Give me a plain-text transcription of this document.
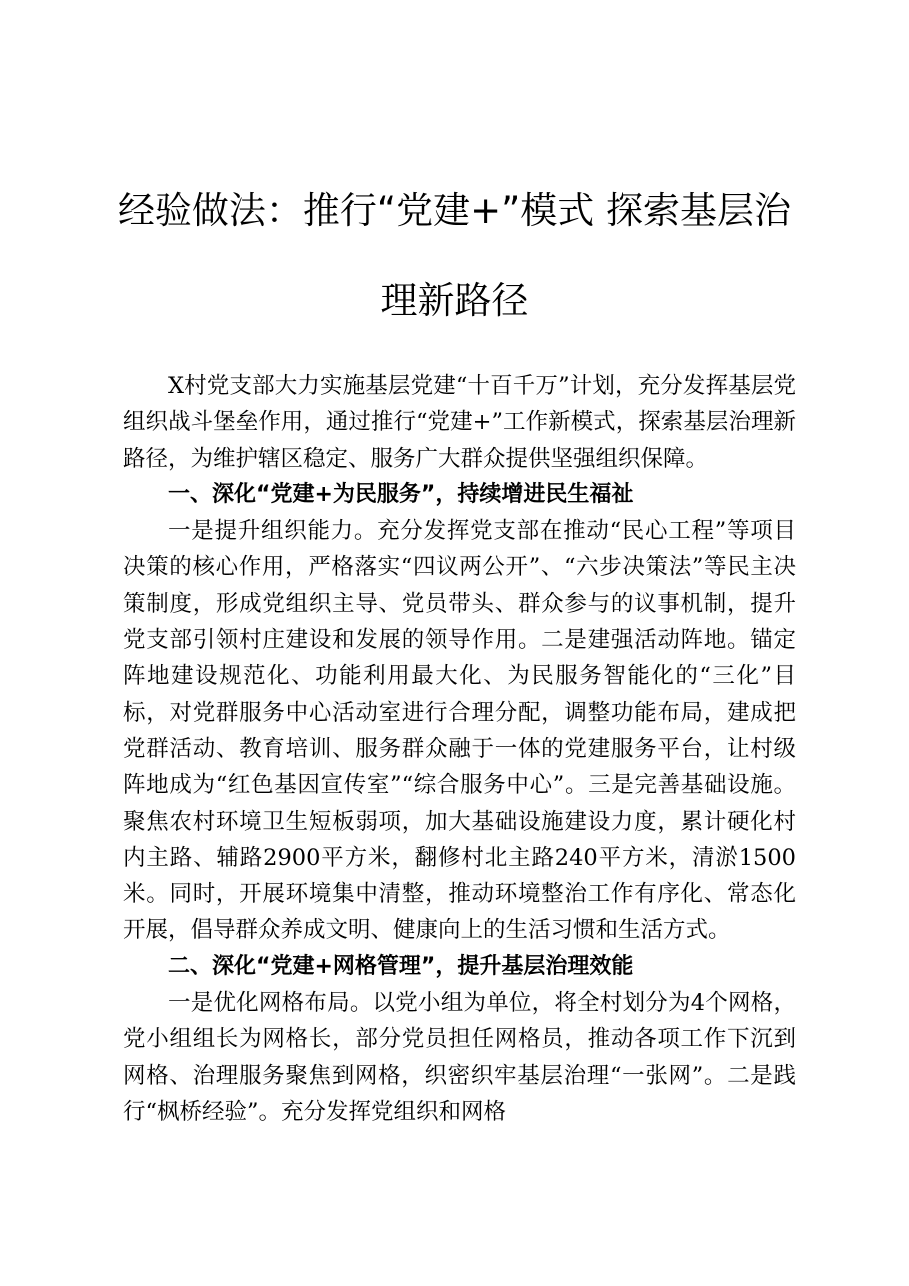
经验做法：推行“党建+”模式 探索基层治理新路径

X村党支部大力实施基层党建“十百千万”计划，充分发挥基层党组织战斗堡垒作用，通过推行“党建+”工作新模式，探索基层治理新路径，为维护辖区稳定、服务广大群众提供坚强组织保障。

一、深化“党建+为民服务”，持续增进民生福祉

一是提升组织能力。充分发挥党支部在推动“民心工程”等项目决策的核心作用，严格落实“四议两公开”、“六步决策法”等民主决策制度，形成党组织主导、党员带头、群众参与的议事机制，提升党支部引领村庄建设和发展的领导作用。二是建强活动阵地。锚定阵地建设规范化、功能利用最大化、为民服务智能化的“三化”目标，对党群服务中心活动室进行合理分配，调整功能布局，建成把党群活动、教育培训、服务群众融于一体的党建服务平台，让村级阵地成为“红色基因宣传室”“综合服务中心”。三是完善基础设施。聚焦农村环境卫生短板弱项，加大基础设施建设力度，累计硬化村内主路、辅路2900平方米，翻修村北主路240平方米，清淤1500米。同时，开展环境集中清整，推动环境整治工作有序化、常态化开展，倡导群众养成文明、健康向上的生活习惯和生活方式。

二、深化“党建+网格管理”，提升基层治理效能

一是优化网格布局。以党小组为单位，将全村划分为4个网格，党小组组长为网格长，部分党员担任网格员，推动各项工作下沉到网格、治理服务聚焦到网格，织密织牢基层治理“一张网”。二是践行“枫桥经验”。充分发挥党组织和网格
